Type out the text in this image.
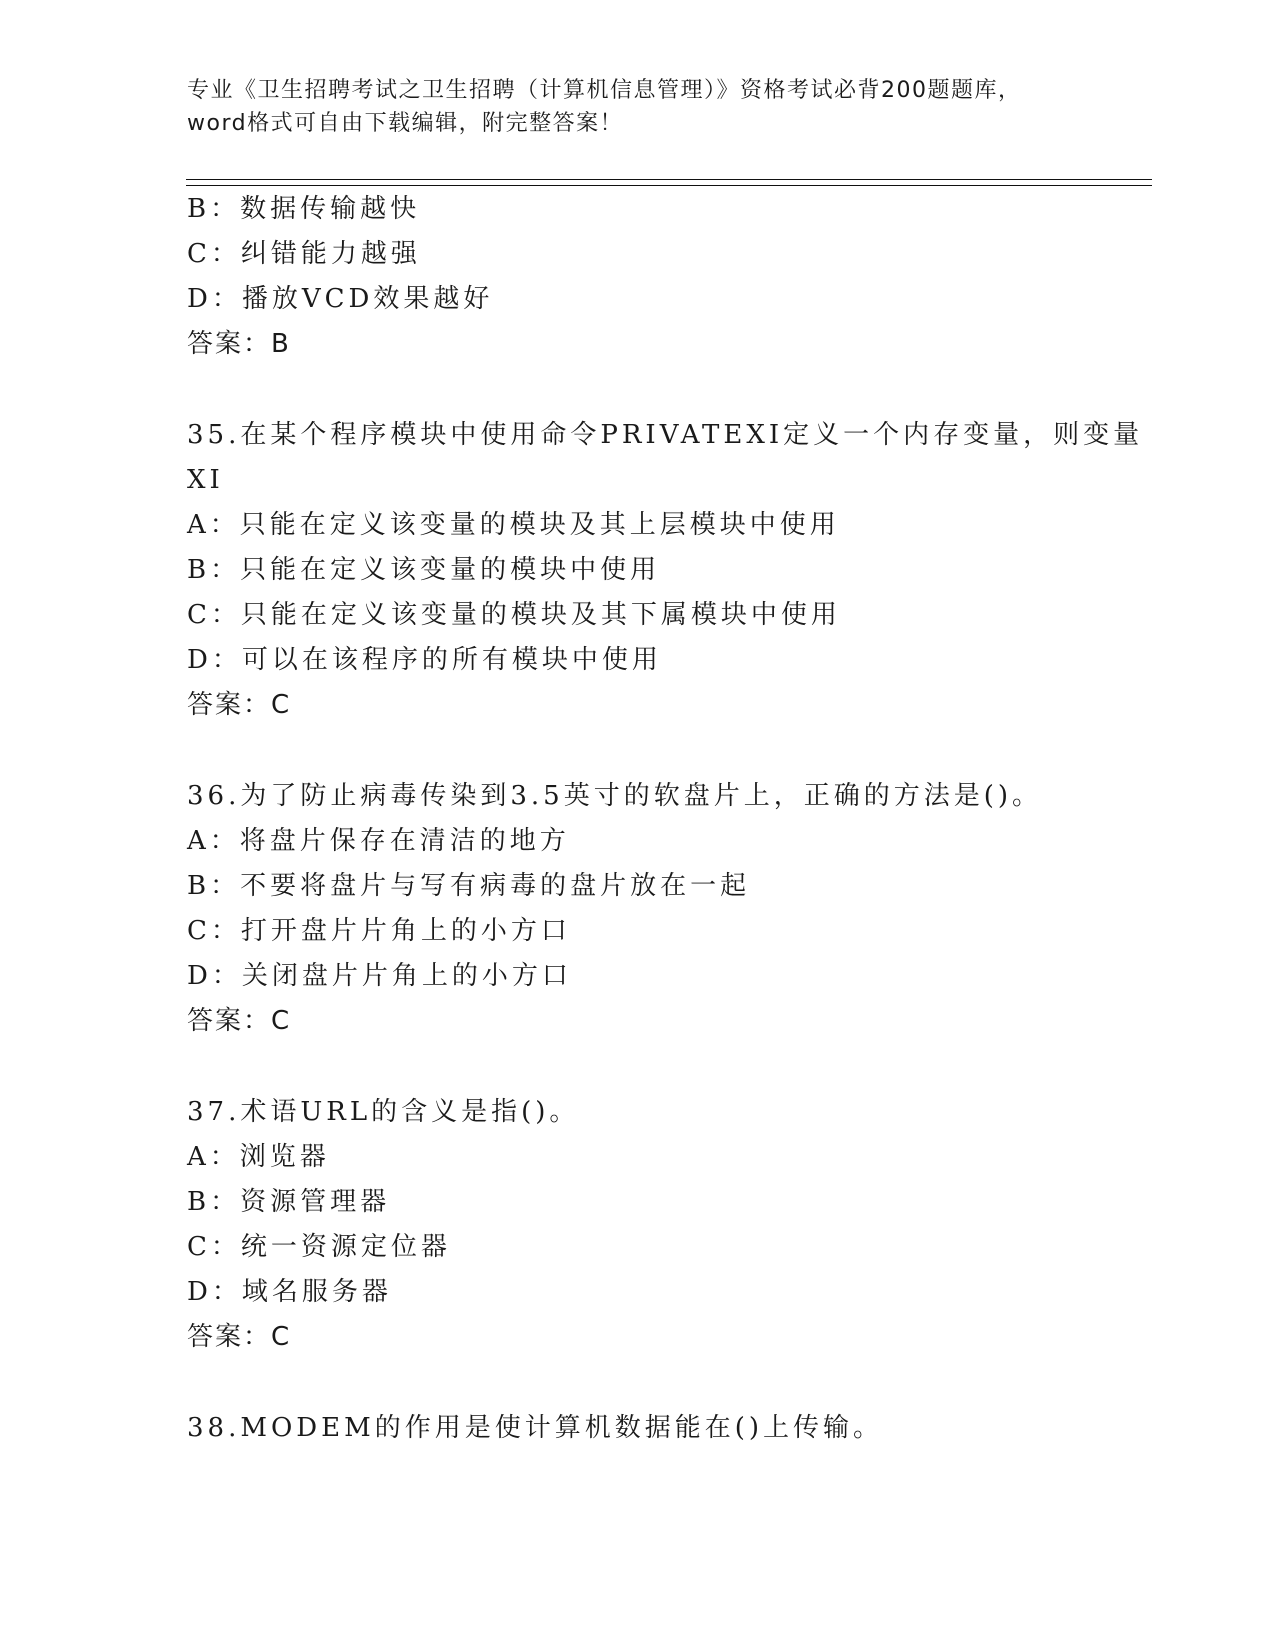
专业《卫生招聘考试之卫生招聘（计算机信息管理）》资格考试必背200题题库，
word格式可自由下载编辑，附完整答案！
B：数据传输越快
C：纠错能力越强
D：播放VCD效果越好
答案：B
35.在某个程序模块中使用命令PRIVATEXI定义一个内存变量，则变量
XI
A：只能在定义该变量的模块及其上层模块中使用
B：只能在定义该变量的模块中使用
C：只能在定义该变量的模块及其下属模块中使用
D：可以在该程序的所有模块中使用
答案：C
36.为了防止病毒传染到3.5英寸的软盘片上，正确的方法是()。
A：将盘片保存在清洁的地方
B：不要将盘片与写有病毒的盘片放在一起
C：打开盘片片角上的小方口
D：关闭盘片片角上的小方口
答案：C
37.术语URL的含义是指()。
A：浏览器
B：资源管理器
C：统一资源定位器
D：域名服务器
答案：C
38.MODEM的作用是使计算机数据能在()上传输。
